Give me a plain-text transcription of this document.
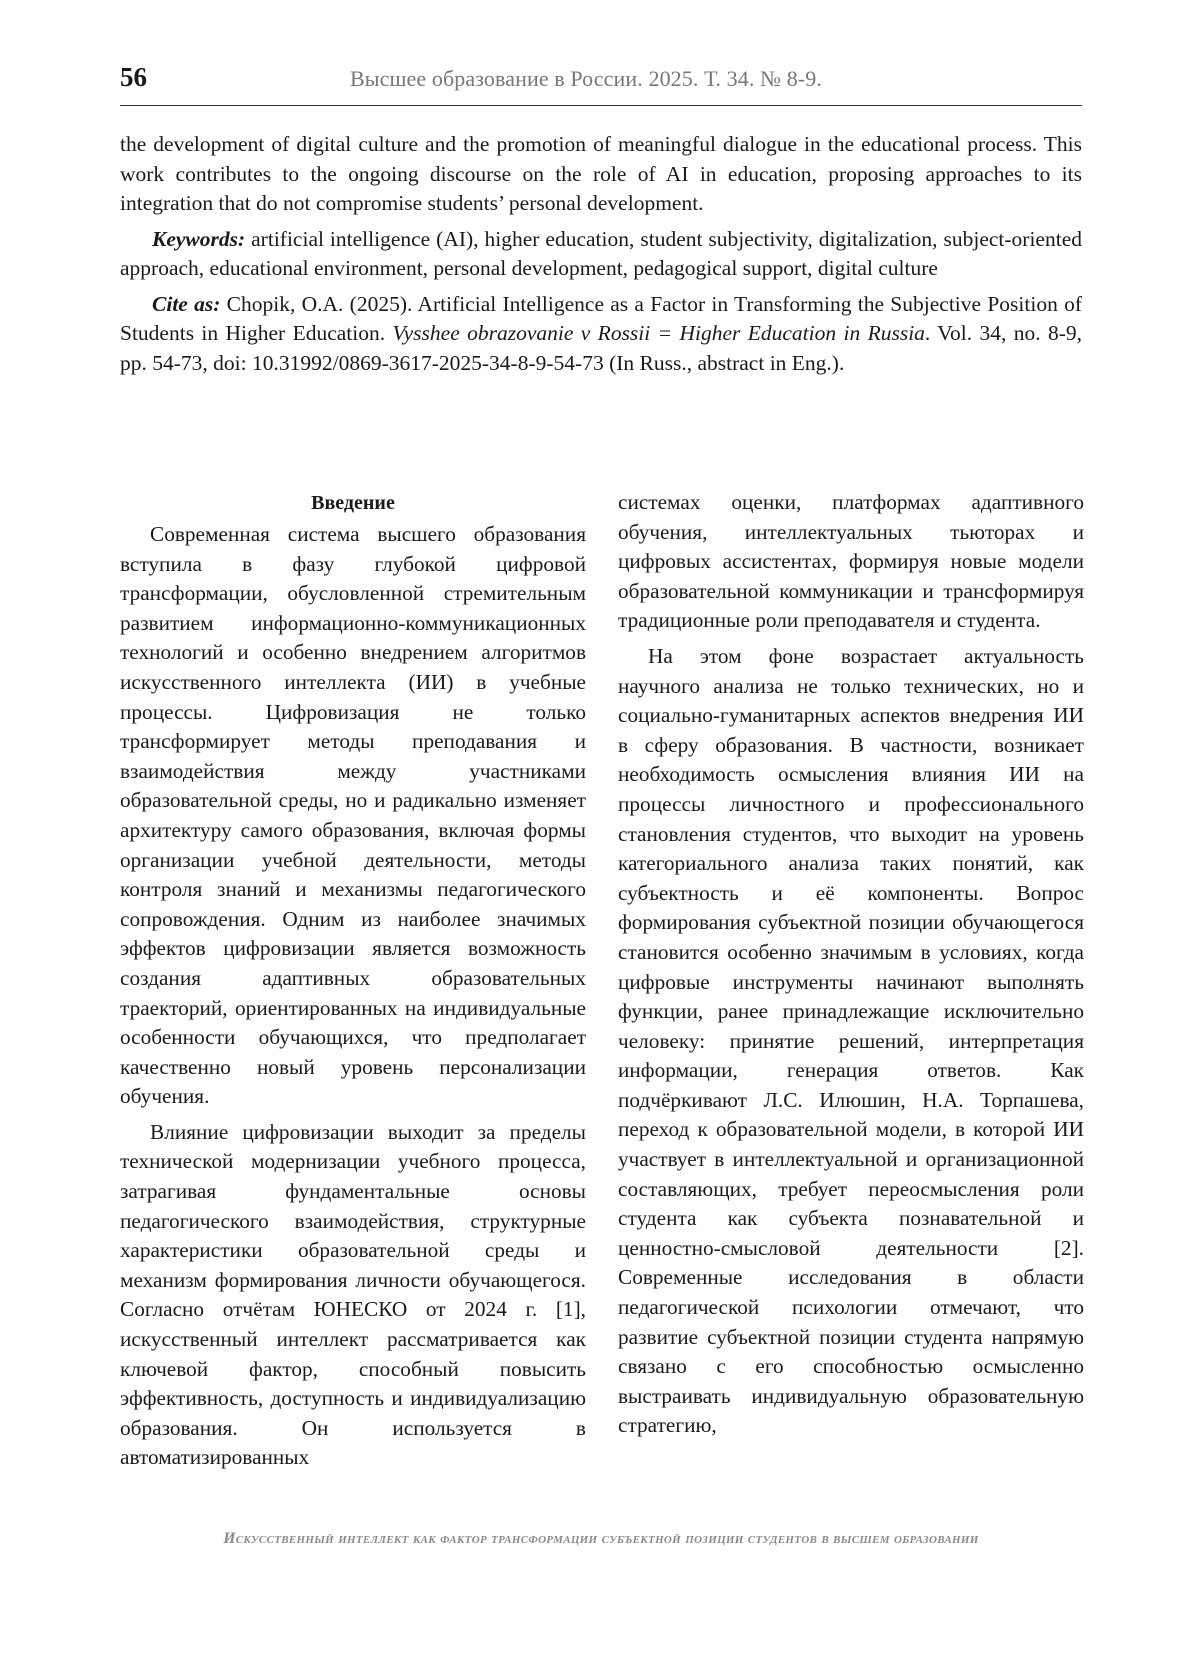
56	Высшее образование в России. 2025. Т. 34. № 8-9.

the development of digital culture and the promotion of meaningful dialogue in the educational process. This work contributes to the ongoing discourse on the role of AI in education, proposing approaches to its integration that do not compromise students’ personal development.

Keywords: artificial intelligence (AI), higher education, student subjectivity, digitalization, subject-oriented approach, educational environment, personal development, pedagogical support, digital culture

Cite as: Chopik, O.A. (2025). Artificial Intelligence as a Factor in Transforming the Subjective Position of Students in Higher Education. Vysshee obrazovanie v Rossii = Higher Education in Russia. Vol. 34, no. 8-9, pp. 54-73, doi: 10.31992/0869-3617-2025-34-8-9-54-73 (In Russ., abstract in Eng.).

Введение

Современная система высшего образования вступила в фазу глубокой цифровой трансформации, обусловленной стремительным развитием информационно-коммуникационных технологий и особенно внедрением алгоритмов искусственного интеллекта (ИИ) в учебные процессы. Цифровизация не только трансформирует методы преподавания и взаимодействия между участниками образовательной среды, но и радикально изменяет архитектуру самого образования, включая формы организации учебной деятельности, методы контроля знаний и механизмы педагогического сопровождения. Одним из наиболее значимых эффектов цифровизации является возможность создания адаптивных образовательных траекторий, ориентированных на индивидуальные особенности обучающихся, что предполагает качественно новый уровень персонализации обучения.

Влияние цифровизации выходит за пределы технической модернизации учебного процесса, затрагивая фундаментальные основы педагогического взаимодействия, структурные характеристики образовательной среды и механизм формирования личности обучающегося. Согласно отчётам ЮНЕСКО от 2024 г. [1], искусственный интеллект рассматривается как ключевой фактор, способный повысить эффективность, доступность и индивидуализацию образования. Он используется в автоматизированных

системах оценки, платформах адаптивного обучения, интеллектуальных тьюторах и цифровых ассистентах, формируя новые модели образовательной коммуникации и трансформируя традиционные роли преподавателя и студента.

На этом фоне возрастает актуальность научного анализа не только технических, но и социально-гуманитарных аспектов внедрения ИИ в сферу образования. В частности, возникает необходимость осмысления влияния ИИ на процессы личностного и профессионального становления студентов, что выходит на уровень категориального анализа таких понятий, как субъектность и её компоненты. Вопрос формирования субъектной позиции обучающегося становится особенно значимым в условиях, когда цифровые инструменты начинают выполнять функции, ранее принадлежащие исключительно человеку: принятие решений, интерпретация информации, генерация ответов. Как подчёркивают Л.С. Илюшин, Н.А. Торпашева, переход к образовательной модели, в которой ИИ участвует в интеллектуальной и организационной составляющих, требует переосмысления роли студента как субъекта познавательной и ценностно-смысловой деятельности [2]. Современные исследования в области педагогической психологии отмечают, что развитие субъектной позиции студента напрямую связано с его способностью осмысленно выстраивать индивидуальную образовательную стратегию,

Искусственный интеллект как фактор трансформации субъектной позиции студентов в высшем образовании
